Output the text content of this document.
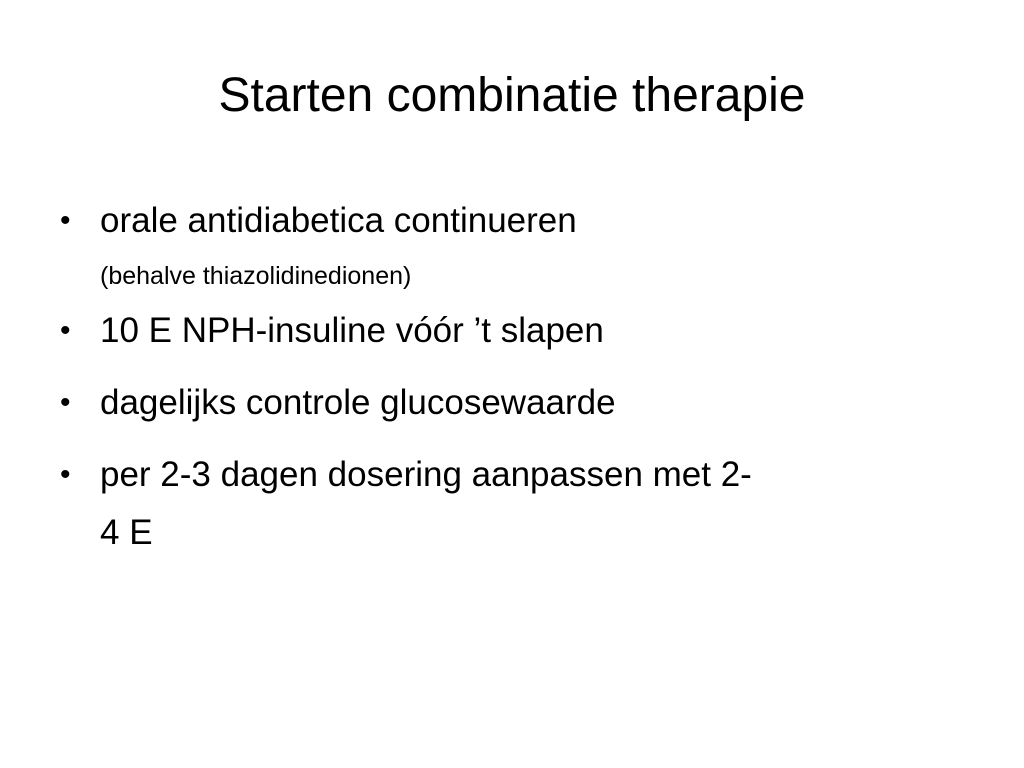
Starten combinatie therapie
• orale antidiabetica continueren
(behalve thiazolidinedionen)
• 10 E NPH-insuline vóór ’t slapen
• dagelijks controle glucosewaarde
• per 2-3 dagen dosering aanpassen met 2-
4 E
